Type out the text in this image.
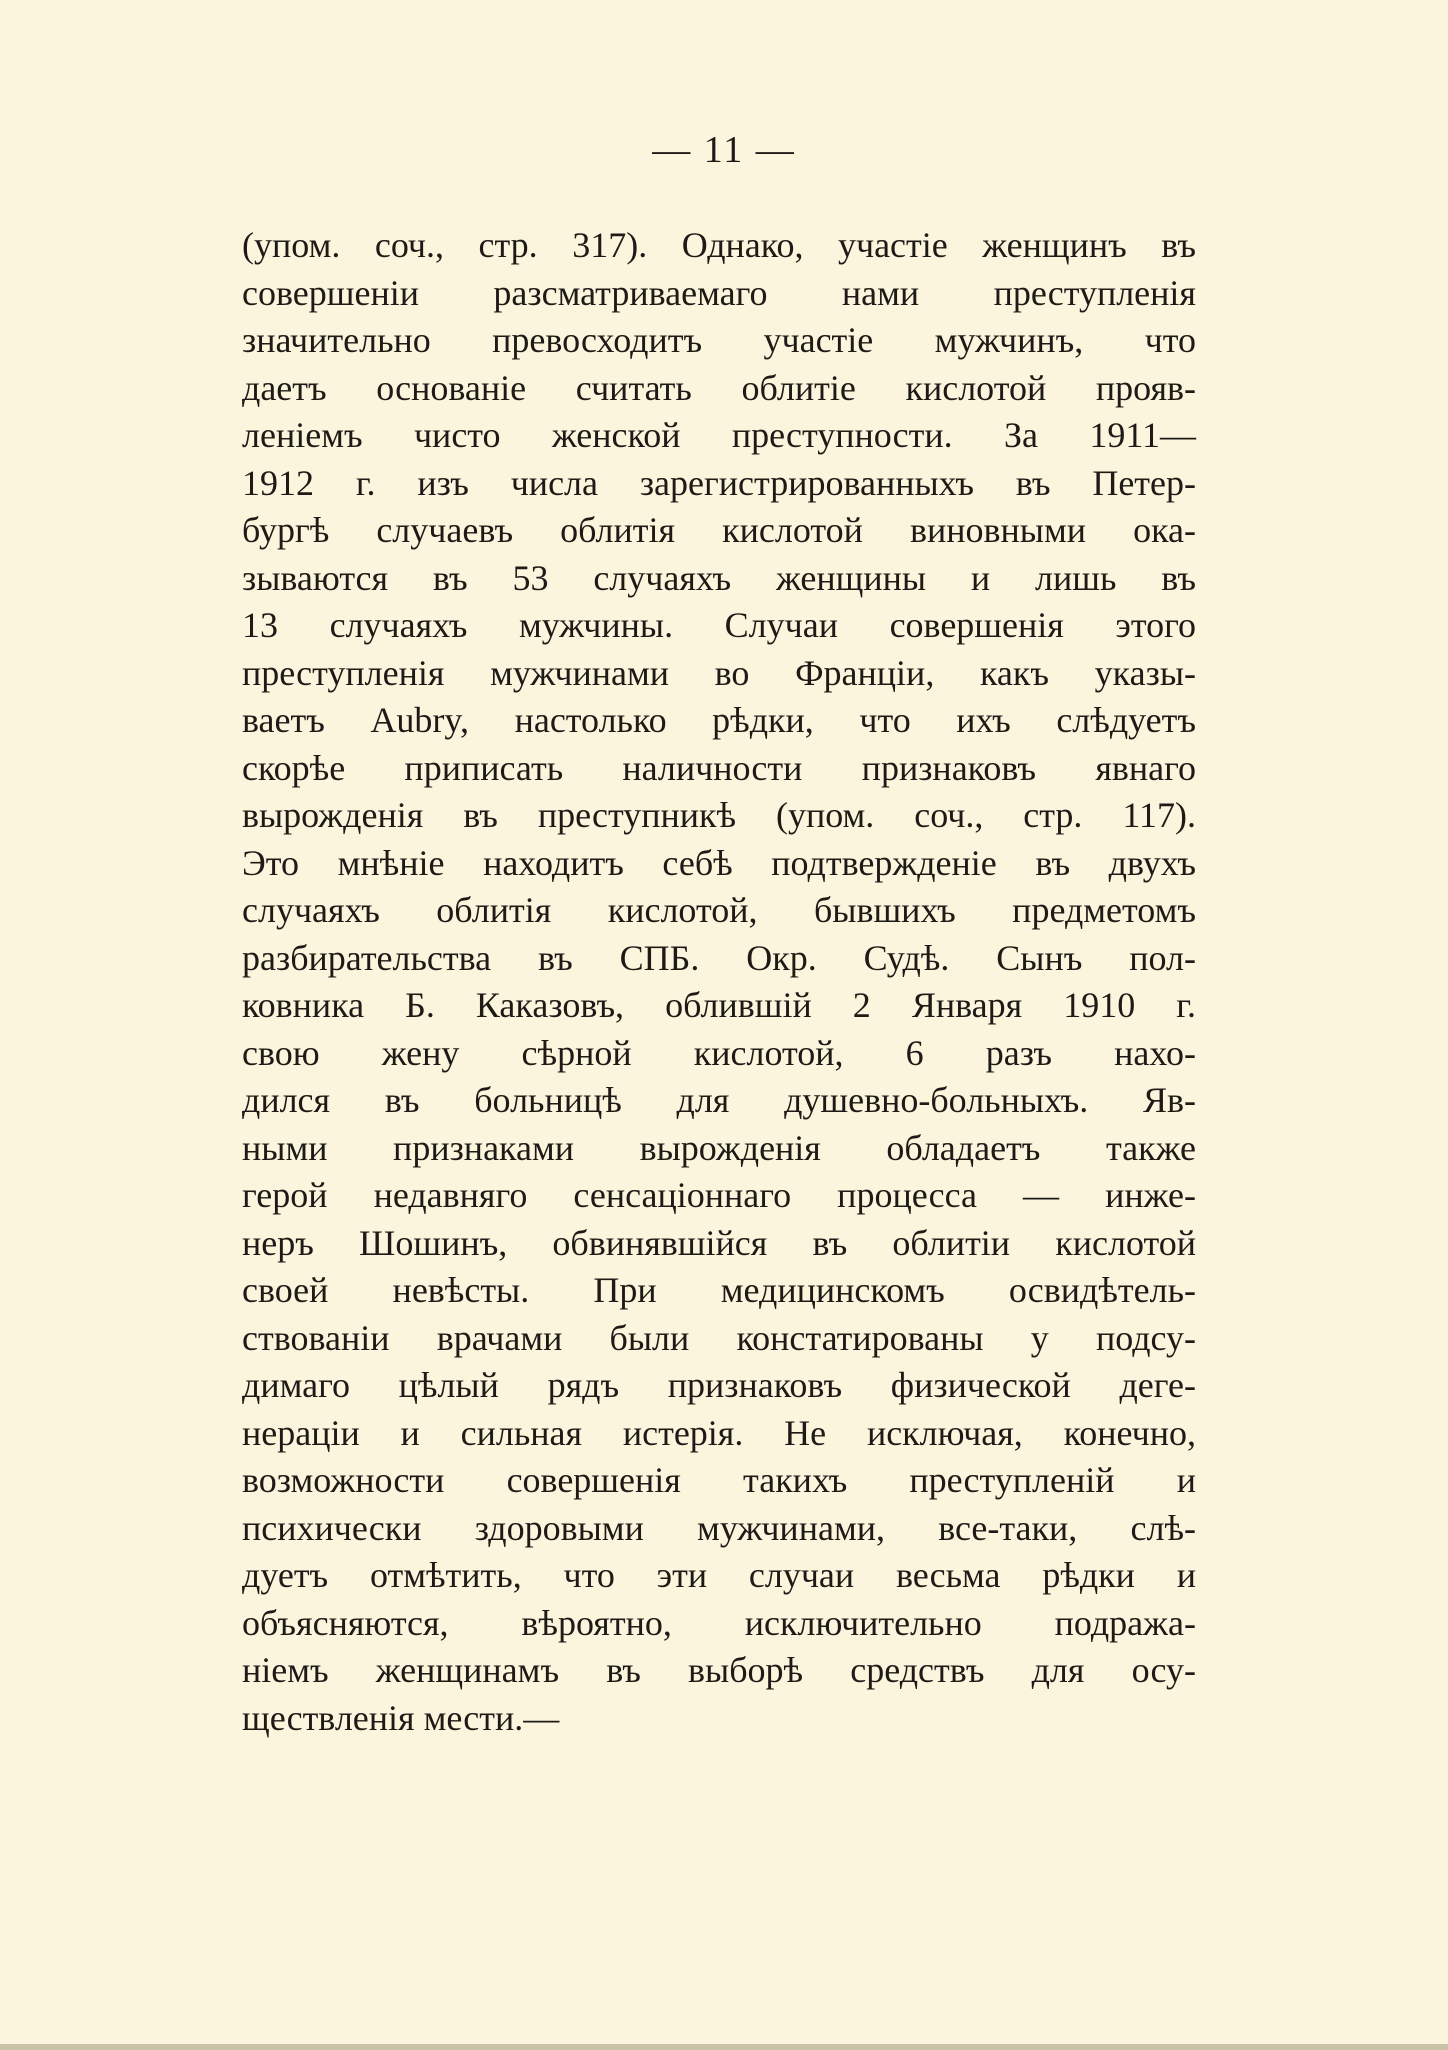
— 11 —
(упом. соч., стр. 317). Однако, участіе женщинъ въ
совершеніи разсматриваемаго нами преступленія
значительно превосходитъ участіе мужчинъ, что
даетъ основаніе считать облитіе кислотой прояв-
леніемъ чисто женской преступности. За 1911—
1912 г. изъ числа зарегистрированныхъ въ Петер-
бургѣ случаевъ облитія кислотой виновными ока-
зываются въ 53 случаяхъ женщины и лишь въ
13 случаяхъ мужчины. Случаи совершенія этого
преступленія мужчинами во Франціи, какъ указы-
ваетъ Aubry, настолько рѣдки, что ихъ слѣдуетъ
скорѣе приписать наличности признаковъ явнаго
вырожденія въ преступникѣ (упом. соч., стр. 117).
Это мнѣніе находитъ себѣ подтвержденіе въ двухъ
случаяхъ облитія кислотой, бывшихъ предметомъ
разбирательства въ СПБ. Окр. Судѣ. Сынъ пол-
ковника Б. Каказовъ, облившій 2 Января 1910 г.
свою жену сѣрной кислотой, 6 разъ нахо-
дился въ больницѣ для душевно-больныхъ. Яв-
ными признаками вырожденія обладаетъ также
герой недавняго сенсаціоннаго процесса — инже-
неръ Шошинъ, обвинявшійся въ облитіи кислотой
своей невѣсты. При медицинскомъ освидѣтель-
ствованіи врачами были констатированы у подсу-
димаго цѣлый рядъ признаковъ физической деге-
нераціи и сильная истерія. Не исключая, конечно,
возможности совершенія такихъ преступленій и
психически здоровыми мужчинами, все-таки, слѣ-
дуетъ отмѣтить, что эти случаи весьма рѣдки и
объясняются, вѣроятно, исключительно подража-
ніемъ женщинамъ въ выборѣ средствъ для осу-
ществленія мести.—
